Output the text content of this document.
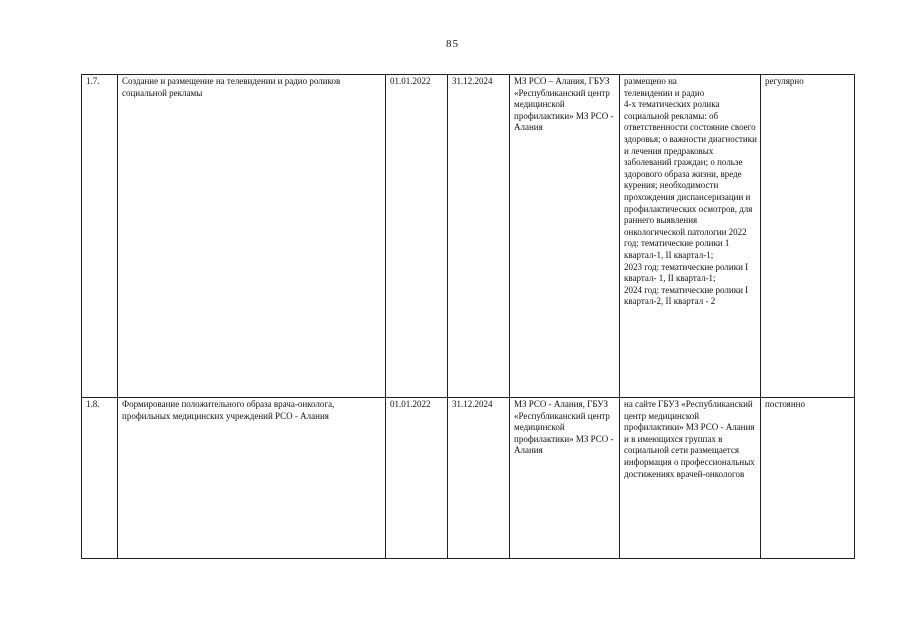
85
1.7.	Создание и размещение на телевидении и радио роликов социальной рекламы	01.01.2022	31.12.2024	МЗ РСО – Алания, ГБУЗ «Республиканский центр медицинской профилактики» МЗ РСО - Алания	размещено на
телевидении и радио
4-х тематических ролика социальной рекламы: об ответственности состояние своего здоровья; о важности диагностики и лечения предраковых заболеваний граждан; о пользе здорового образа жизни, вреде курения; необходимости прохождения диспансеризации и профилактических осмотров, для раннего выявления онкологической патологии 2022 год: тематические ролики 1 квартал-1, II квартал-1;
2023 год: тематические ролики I квартал- 1, II квартал-1;
2024 год: тематические ролики I квартал-2, II квартал - 2	регулярно
1.8.	Формирование положительного образа врача-онколога, профильных медицинских учреждений РСО - Алания	01.01.2022	31.12.2024	МЗ РСО - Алания, ГБУЗ «Республиканский центр медицинской профилактики» МЗ РСО - Алания	на сайте ГБУЗ «Республиканский центр медицинской профилактики» МЗ РСО - Алания и в имеющихся группах в социальной сети размещается информация о профессиональных достижениях врачей-онкологов	постоянно
